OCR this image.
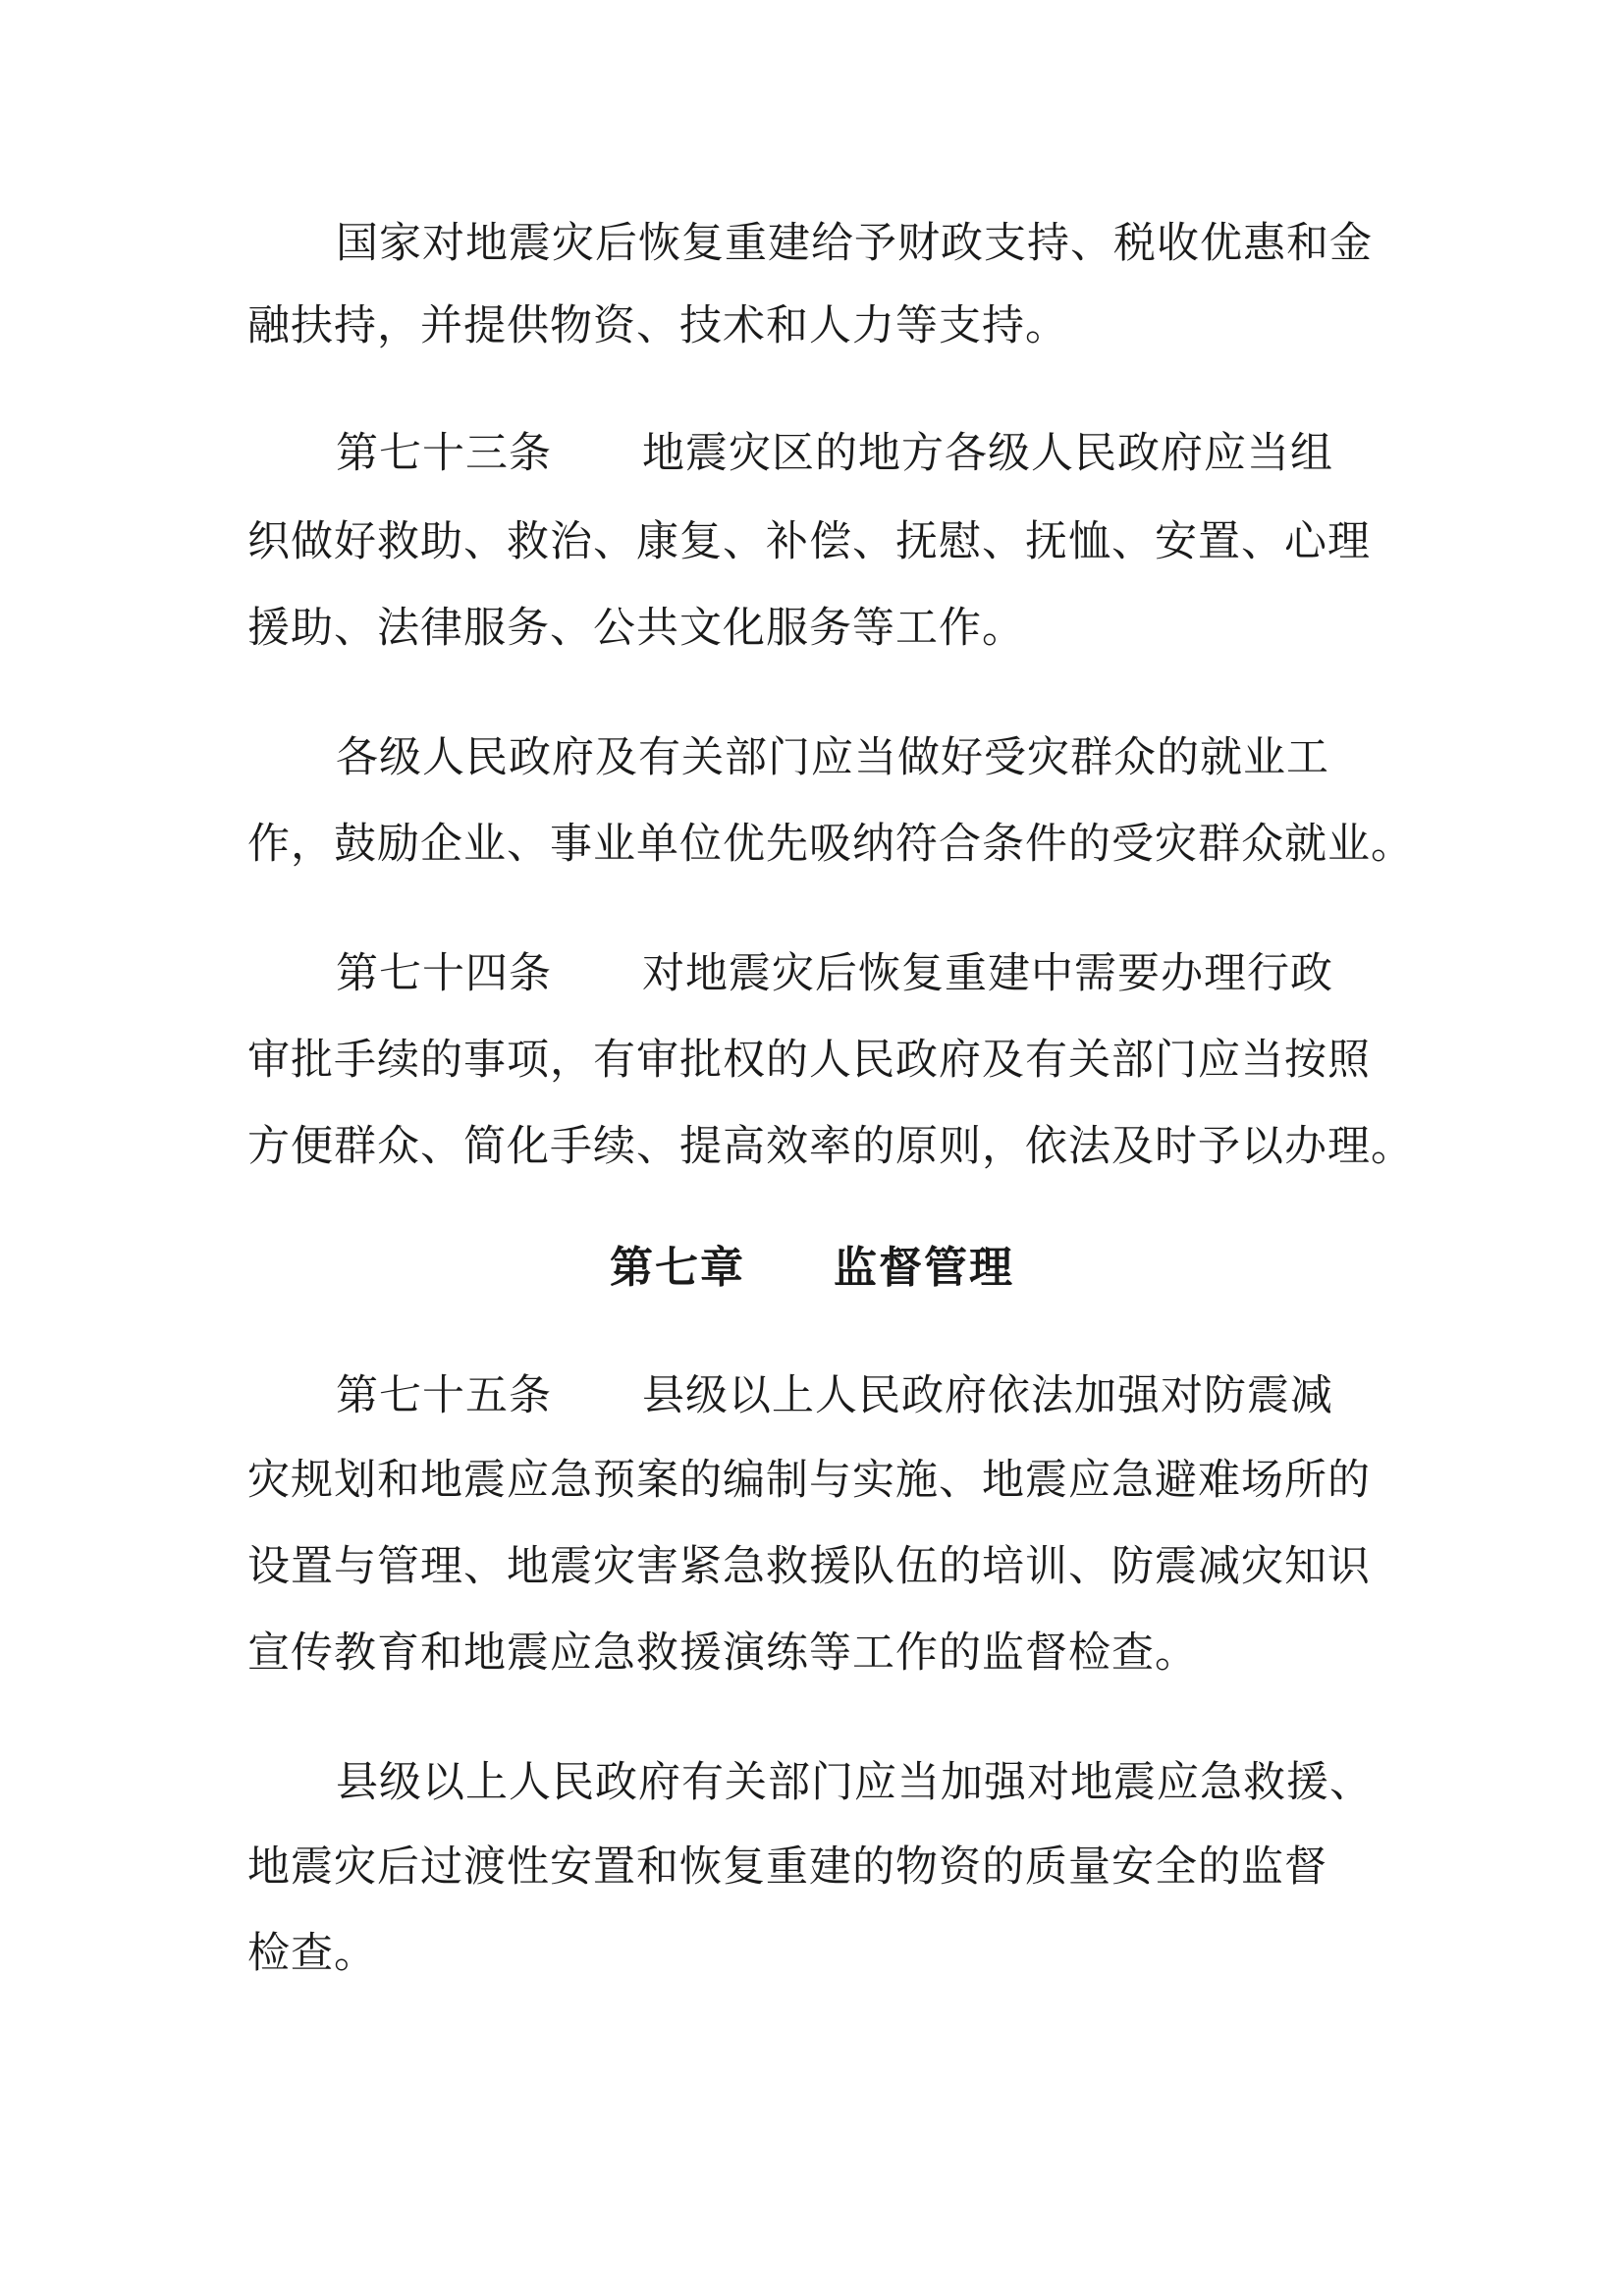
国家对地震灾后恢复重建给予财政支持、税收优惠和金
融扶持，并提供物资、技术和人力等支持。
第七十三条 地震灾区的地方各级人民政府应当组
织做好救助、救治、康复、补偿、抚慰、抚恤、安置、心理
援助、法律服务、公共文化服务等工作。
各级人民政府及有关部门应当做好受灾群众的就业工
作，鼓励企业、事业单位优先吸纳符合条件的受灾群众就业。
第七十四条 对地震灾后恢复重建中需要办理行政
审批手续的事项，有审批权的人民政府及有关部门应当按照
方便群众、简化手续、提高效率的原则，依法及时予以办理。
第七章 监督管理
第七十五条 县级以上人民政府依法加强对防震减
灾规划和地震应急预案的编制与实施、地震应急避难场所的
设置与管理、地震灾害紧急救援队伍的培训、防震减灾知识
宣传教育和地震应急救援演练等工作的监督检查。
县级以上人民政府有关部门应当加强对地震应急救援、
地震灾后过渡性安置和恢复重建的物资的质量安全的监督
检查。
